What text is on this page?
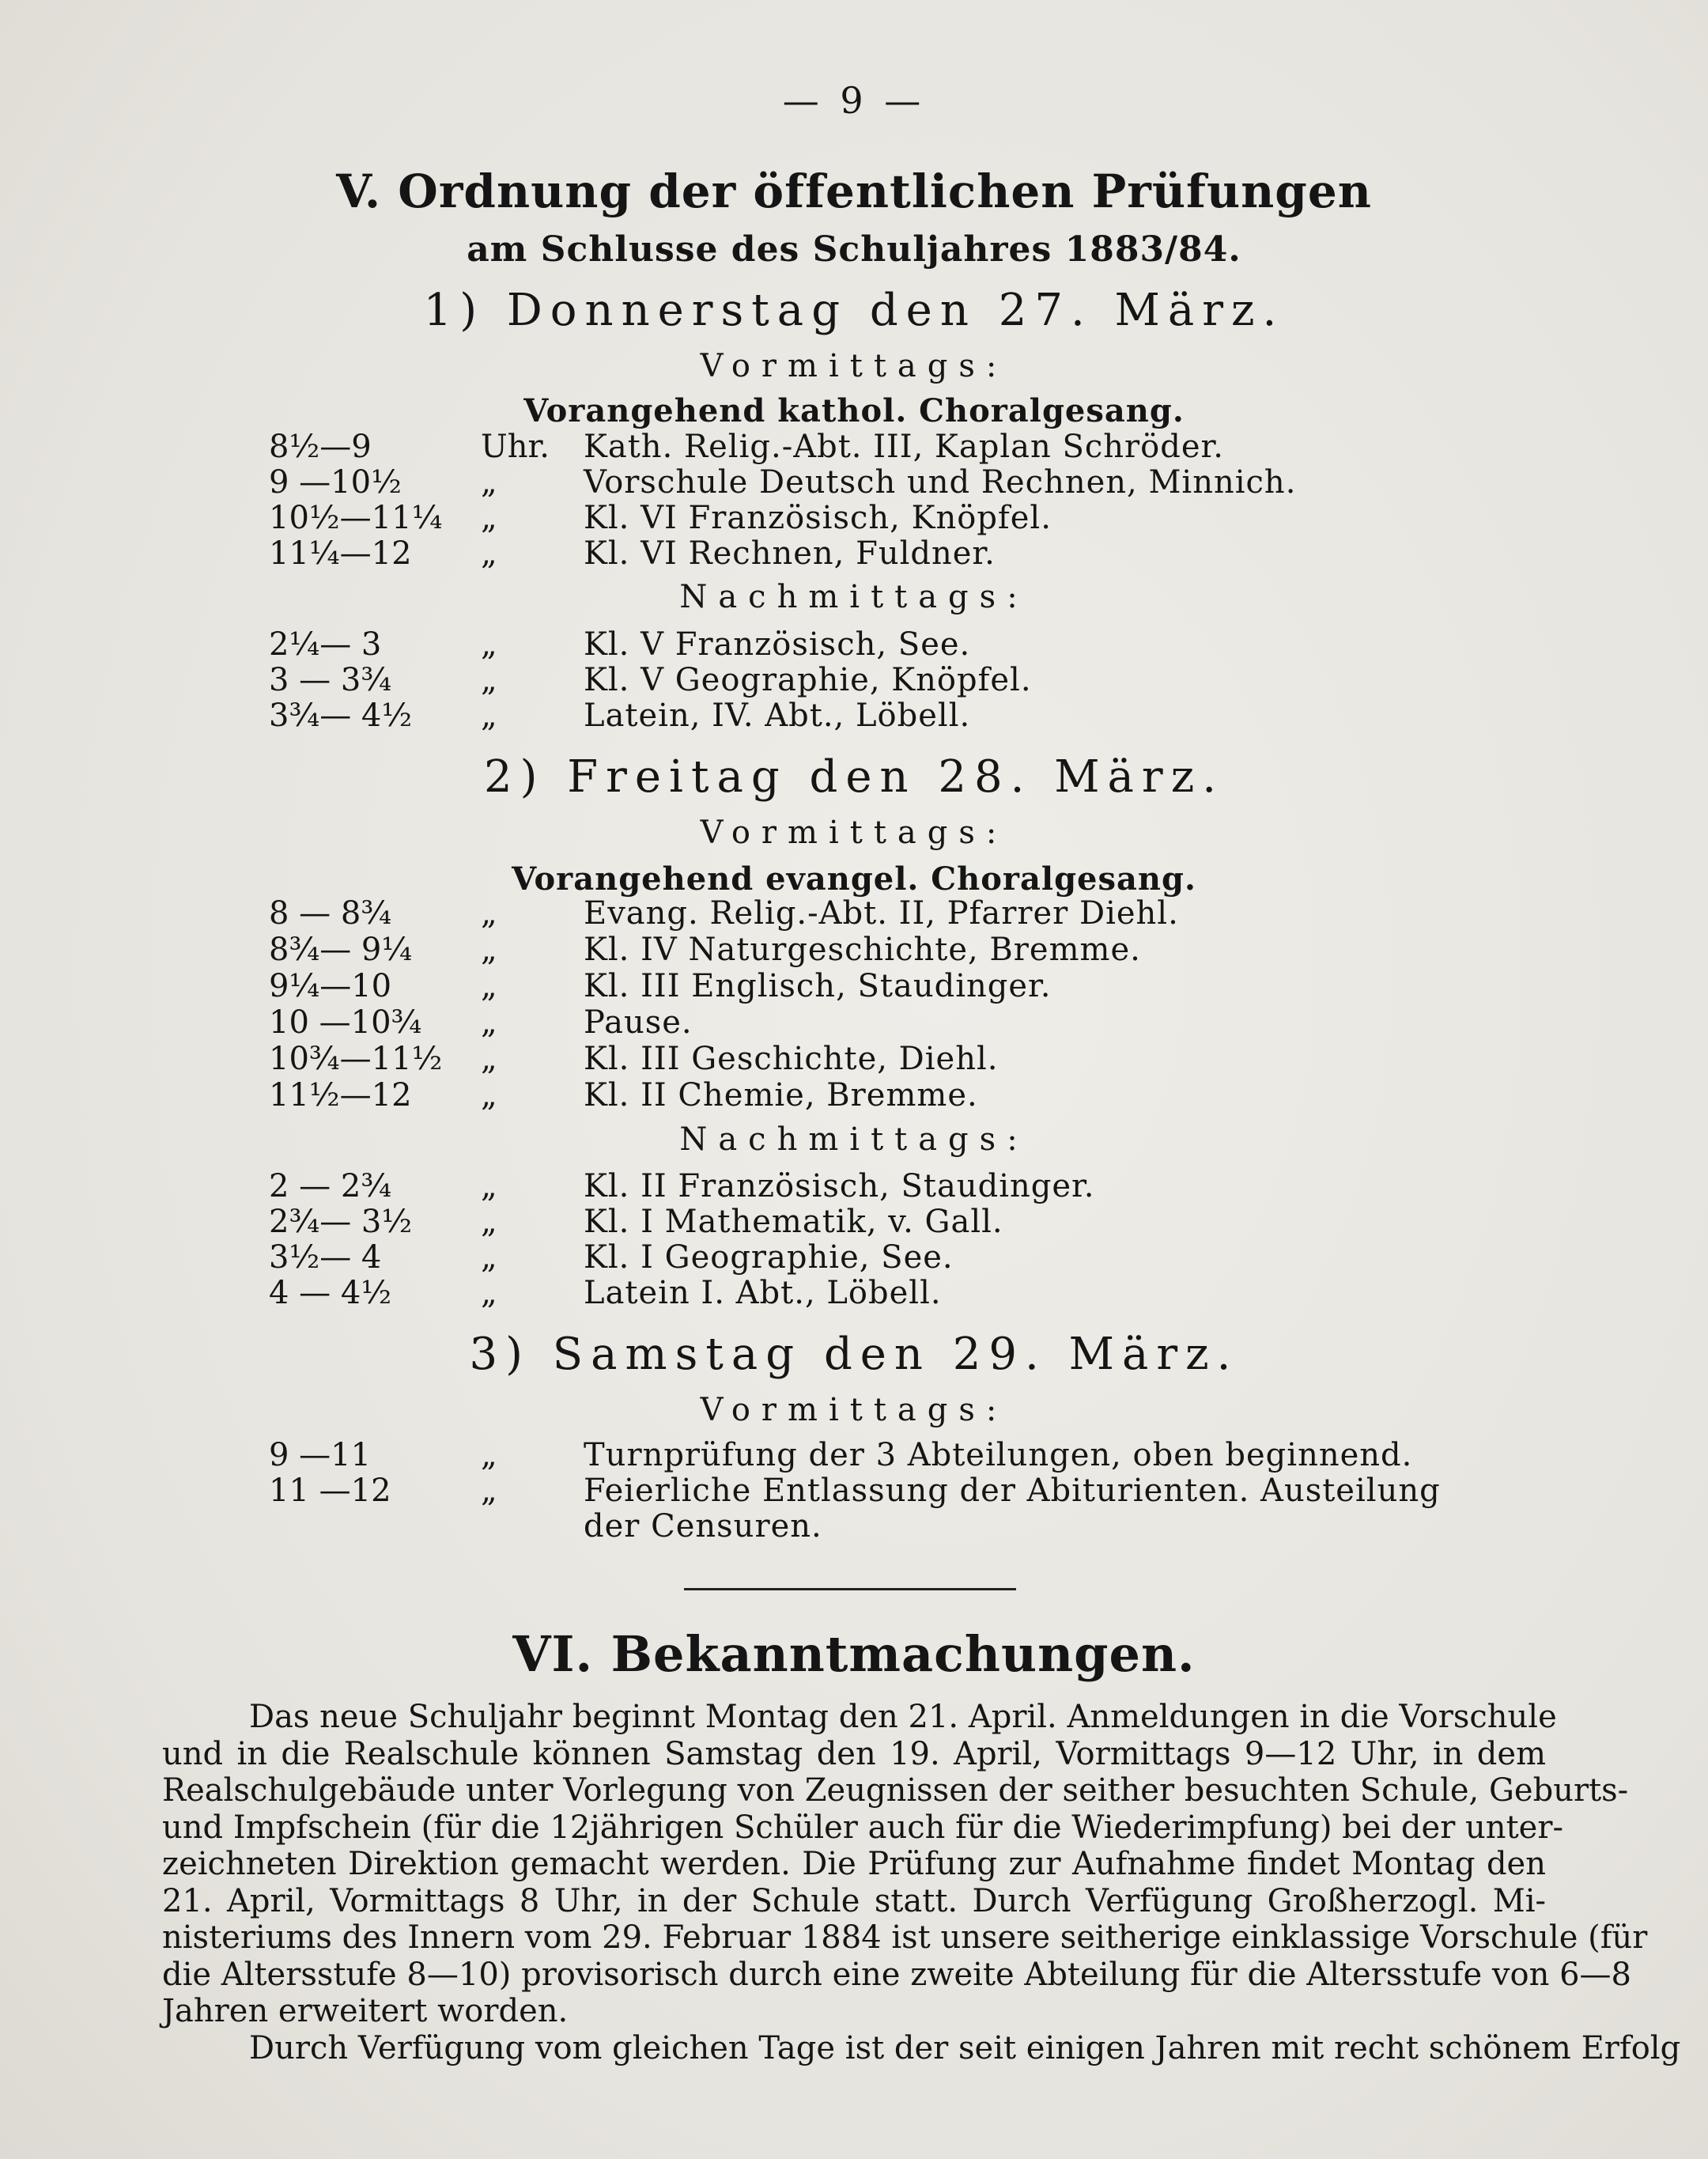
— 9 —
V. Ordnung der öffentlichen Prüfungen
am Schlusse des Schuljahres 1883/84.
1) Donnerstag den 27. März.
Vormittags:
Vorangehend kathol. Choralgesang.
8½—9	Uhr.	Kath. Relig.-Abt. III, Kaplan Schröder.
9 —10½	„	Vorschule Deutsch und Rechnen, Minnich.
10½—11¼	„	Kl. VI Französisch, Knöpfel.
11¼—12	„	Kl. VI Rechnen, Fuldner.
Nachmittags:
2¼— 3	„	Kl. V Französisch, See.
3 — 3¾	„	Kl. V Geographie, Knöpfel.
3¾— 4½	„	Latein, IV. Abt., Löbell.
2) Freitag den 28. März.
Vormittags:
Vorangehend evangel. Choralgesang.
8 — 8¾	„	Evang. Relig.-Abt. II, Pfarrer Diehl.
8¾— 9¼	„	Kl. IV Naturgeschichte, Bremme.
9¼—10	„	Kl. III Englisch, Staudinger.
10 —10¾	„	Pause.
10¾—11½	„	Kl. III Geschichte, Diehl.
11½—12	„	Kl. II Chemie, Bremme.
Nachmittags:
2 — 2¾	„	Kl. II Französisch, Staudinger.
2¾— 3½	„	Kl. I Mathematik, v. Gall.
3½— 4	„	Kl. I Geographie, See.
4 — 4½	„	Latein I. Abt., Löbell.
3) Samstag den 29. März.
Vormittags:
9 —11	„	Turnprüfung der 3 Abteilungen, oben beginnend.
11 —12	„	Feierliche Entlassung der Abiturienten. Austeilung
der Censuren.
VI. Bekanntmachungen.
Das neue Schuljahr beginnt Montag den 21. April. Anmeldungen in die Vorschule
und in die Realschule können Samstag den 19. April, Vormittags 9—12 Uhr, in dem
Realschulgebäude unter Vorlegung von Zeugnissen der seither besuchten Schule, Geburts-
und Impfschein (für die 12jährigen Schüler auch für die Wiederimpfung) bei der unter-
zeichneten Direktion gemacht werden. Die Prüfung zur Aufnahme findet Montag den
21. April, Vormittags 8 Uhr, in der Schule statt. Durch Verfügung Großherzogl. Mi-
nisteriums des Innern vom 29. Februar 1884 ist unsere seitherige einklassige Vorschule (für
die Altersstufe 8—10) provisorisch durch eine zweite Abteilung für die Altersstufe von 6—8
Jahren erweitert worden.
Durch Verfügung vom gleichen Tage ist der seit einigen Jahren mit recht schönem Erfolg
